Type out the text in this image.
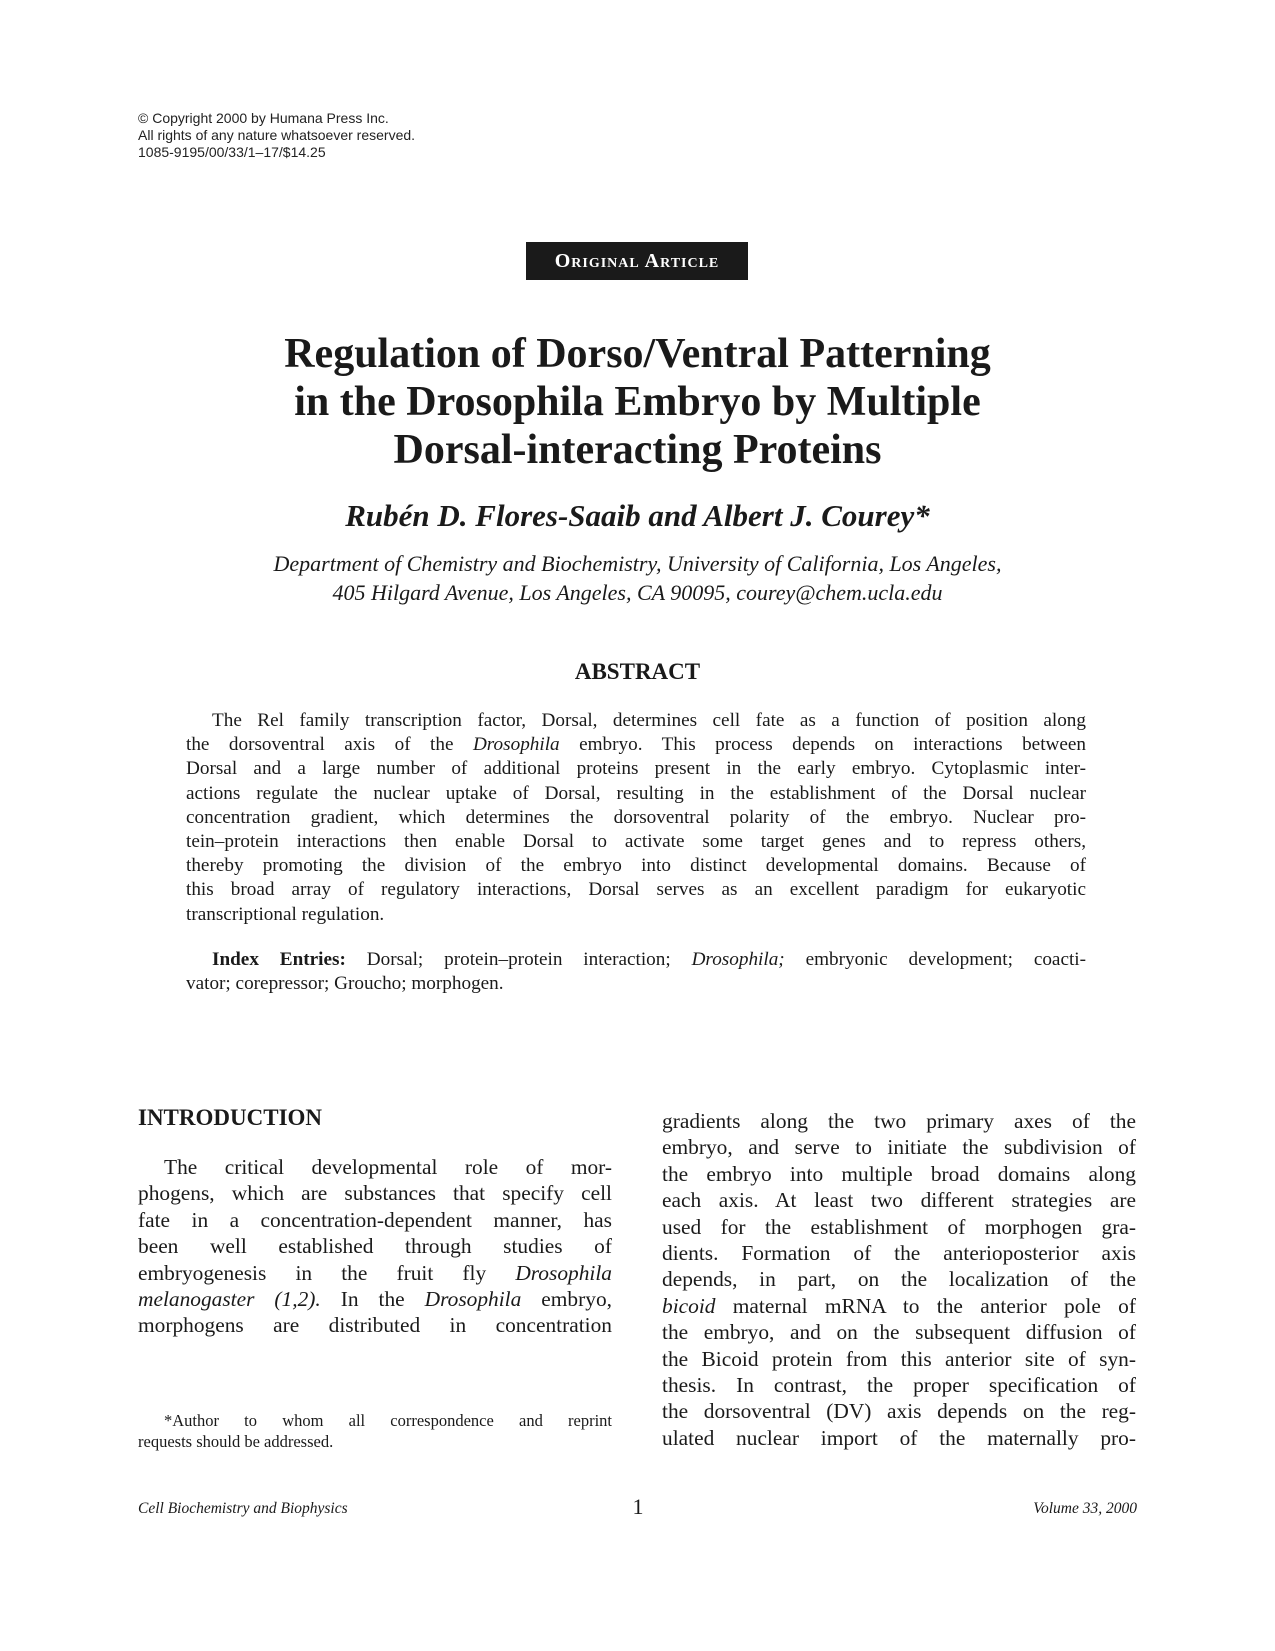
© Copyright 2000 by Humana Press Inc.
All rights of any nature whatsoever reserved.
1085-9195/00/33/1–17/$14.25
Original Article
Regulation of Dorso/Ventral Patterning
in the Drosophila Embryo by Multiple
Dorsal-interacting Proteins
Rubén D. Flores-Saaib and Albert J. Courey*
Department of Chemistry and Biochemistry, University of California, Los Angeles,
405 Hilgard Avenue, Los Angeles, CA 90095, courey@chem.ucla.edu
ABSTRACT
The Rel family transcription factor, Dorsal, determines cell fate as a function of position along
the dorsoventral axis of the Drosophila embryo. This process depends on interactions between
Dorsal and a large number of additional proteins present in the early embryo. Cytoplasmic inter-
actions regulate the nuclear uptake of Dorsal, resulting in the establishment of the Dorsal nuclear
concentration gradient, which determines the dorsoventral polarity of the embryo. Nuclear pro-
tein–protein interactions then enable Dorsal to activate some target genes and to repress others,
thereby promoting the division of the embryo into distinct developmental domains. Because of
this broad array of regulatory interactions, Dorsal serves as an excellent paradigm for eukaryotic
transcriptional regulation.
Index Entries: Dorsal; protein–protein interaction; Drosophila; embryonic development; coacti-
vator; corepressor; Groucho; morphogen.
INTRODUCTION
The critical developmental role of mor-
phogens, which are substances that specify cell
fate in a concentration-dependent manner, has
been well established through studies of
embryogenesis in the fruit fly Drosophila
melanogaster (1,2). In the Drosophila embryo,
morphogens are distributed in concentration
gradients along the two primary axes of the
embryo, and serve to initiate the subdivision of
the embryo into multiple broad domains along
each axis. At least two different strategies are
used for the establishment of morphogen gra-
dients. Formation of the anterioposterior axis
depends, in part, on the localization of the
bicoid maternal mRNA to the anterior pole of
the embryo, and on the subsequent diffusion of
the Bicoid protein from this anterior site of syn-
thesis. In contrast, the proper specification of
the dorsoventral (DV) axis depends on the reg-
ulated nuclear import of the maternally pro-
*Author to whom all correspondence and reprint
requests should be addressed.
Cell Biochemistry and Biophysics	1	Volume 33, 2000
